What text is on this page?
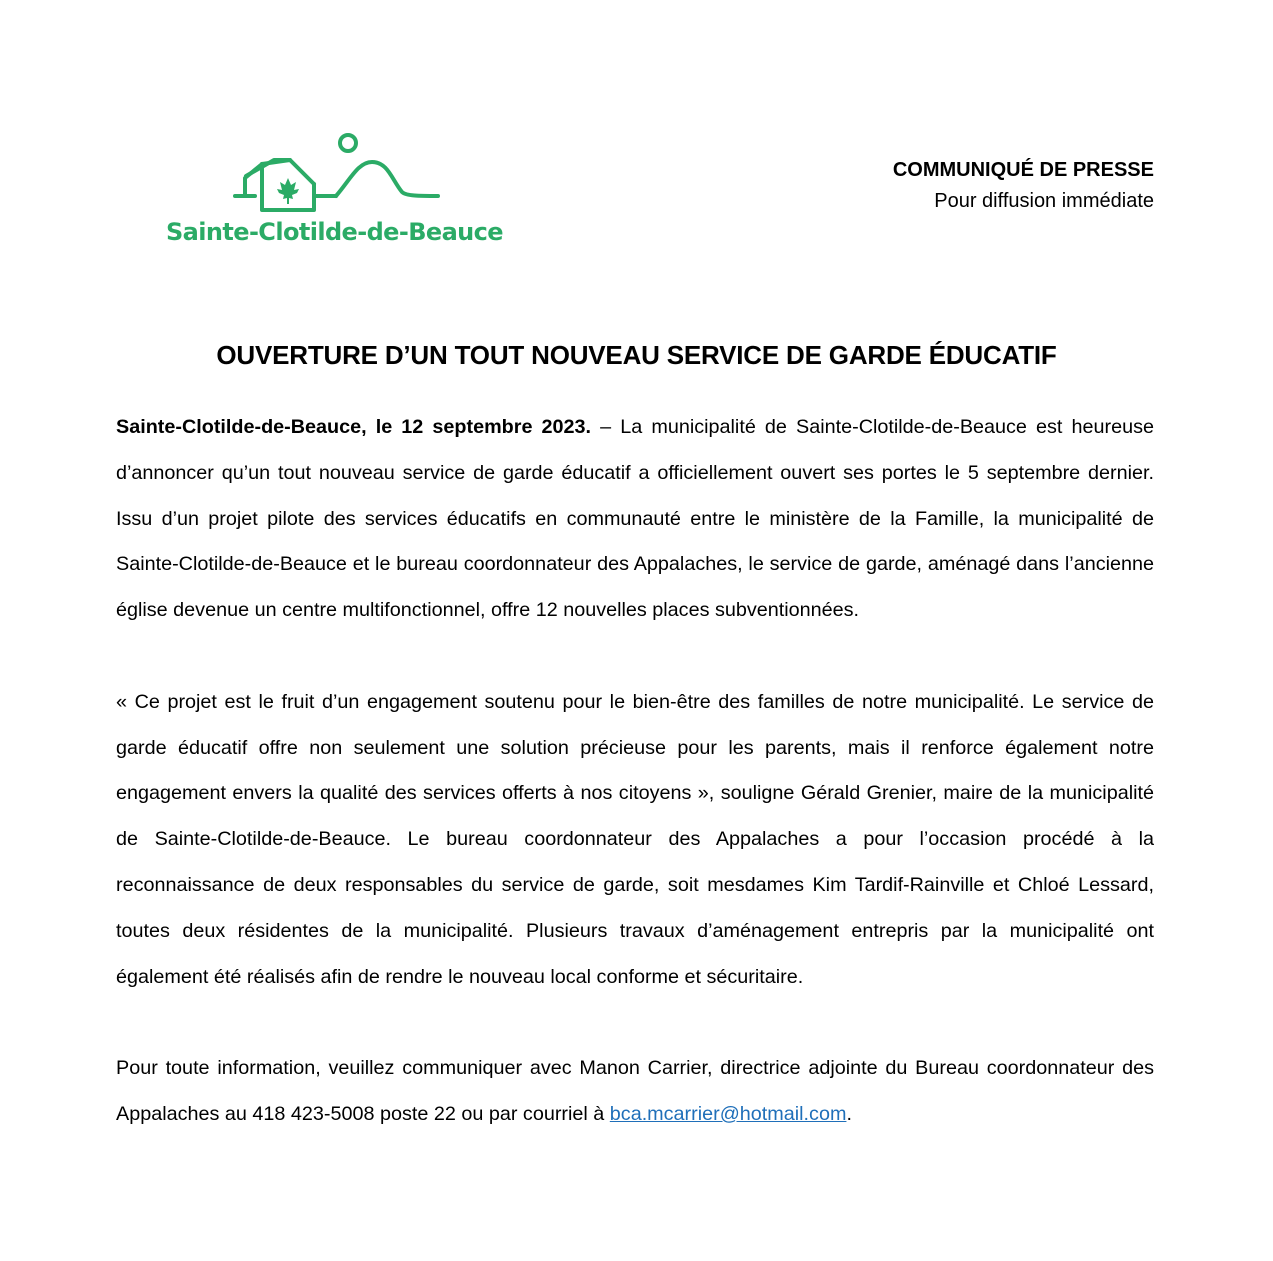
Sainte-Clotilde-de-Beauce
COMMUNIQUÉ DE PRESSE
Pour diffusion immédiate
OUVERTURE D’UN TOUT NOUVEAU SERVICE DE GARDE ÉDUCATIF

Sainte-Clotilde-de-Beauce, le 12 septembre 2023. – La municipalité de Sainte-Clotilde-de-Beauce est heureuse d’annoncer qu’un tout nouveau service de garde éducatif a officiellement ouvert ses portes le 5 septembre dernier. Issu d’un projet pilote des services éducatifs en communauté entre le ministère de la Famille, la municipalité de Sainte-Clotilde-de-Beauce et le bureau coordonnateur des Appalaches, le service de garde, aménagé dans l’ancienne église devenue un centre multifonctionnel, offre 12 nouvelles places subventionnées.

« Ce projet est le fruit d’un engagement soutenu pour le bien-être des familles de notre municipalité. Le service de garde éducatif offre non seulement une solution précieuse pour les parents, mais il renforce également notre engagement envers la qualité des services offerts à nos citoyens », souligne Gérald Grenier, maire de la municipalité de Sainte-Clotilde-de-Beauce. Le bureau coordonnateur des Appalaches a pour l’occasion procédé à la reconnaissance de deux responsables du service de garde, soit mesdames Kim Tardif-Rainville et Chloé Lessard, toutes deux résidentes de la municipalité. Plusieurs travaux d’aménagement entrepris par la municipalité ont également été réalisés afin de rendre le nouveau local conforme et sécuritaire.

Pour toute information, veuillez communiquer avec Manon Carrier, directrice adjointe du Bureau coordonnateur des Appalaches au 418 423-5008 poste 22 ou par courriel à bca.mcarrier@hotmail.com.
